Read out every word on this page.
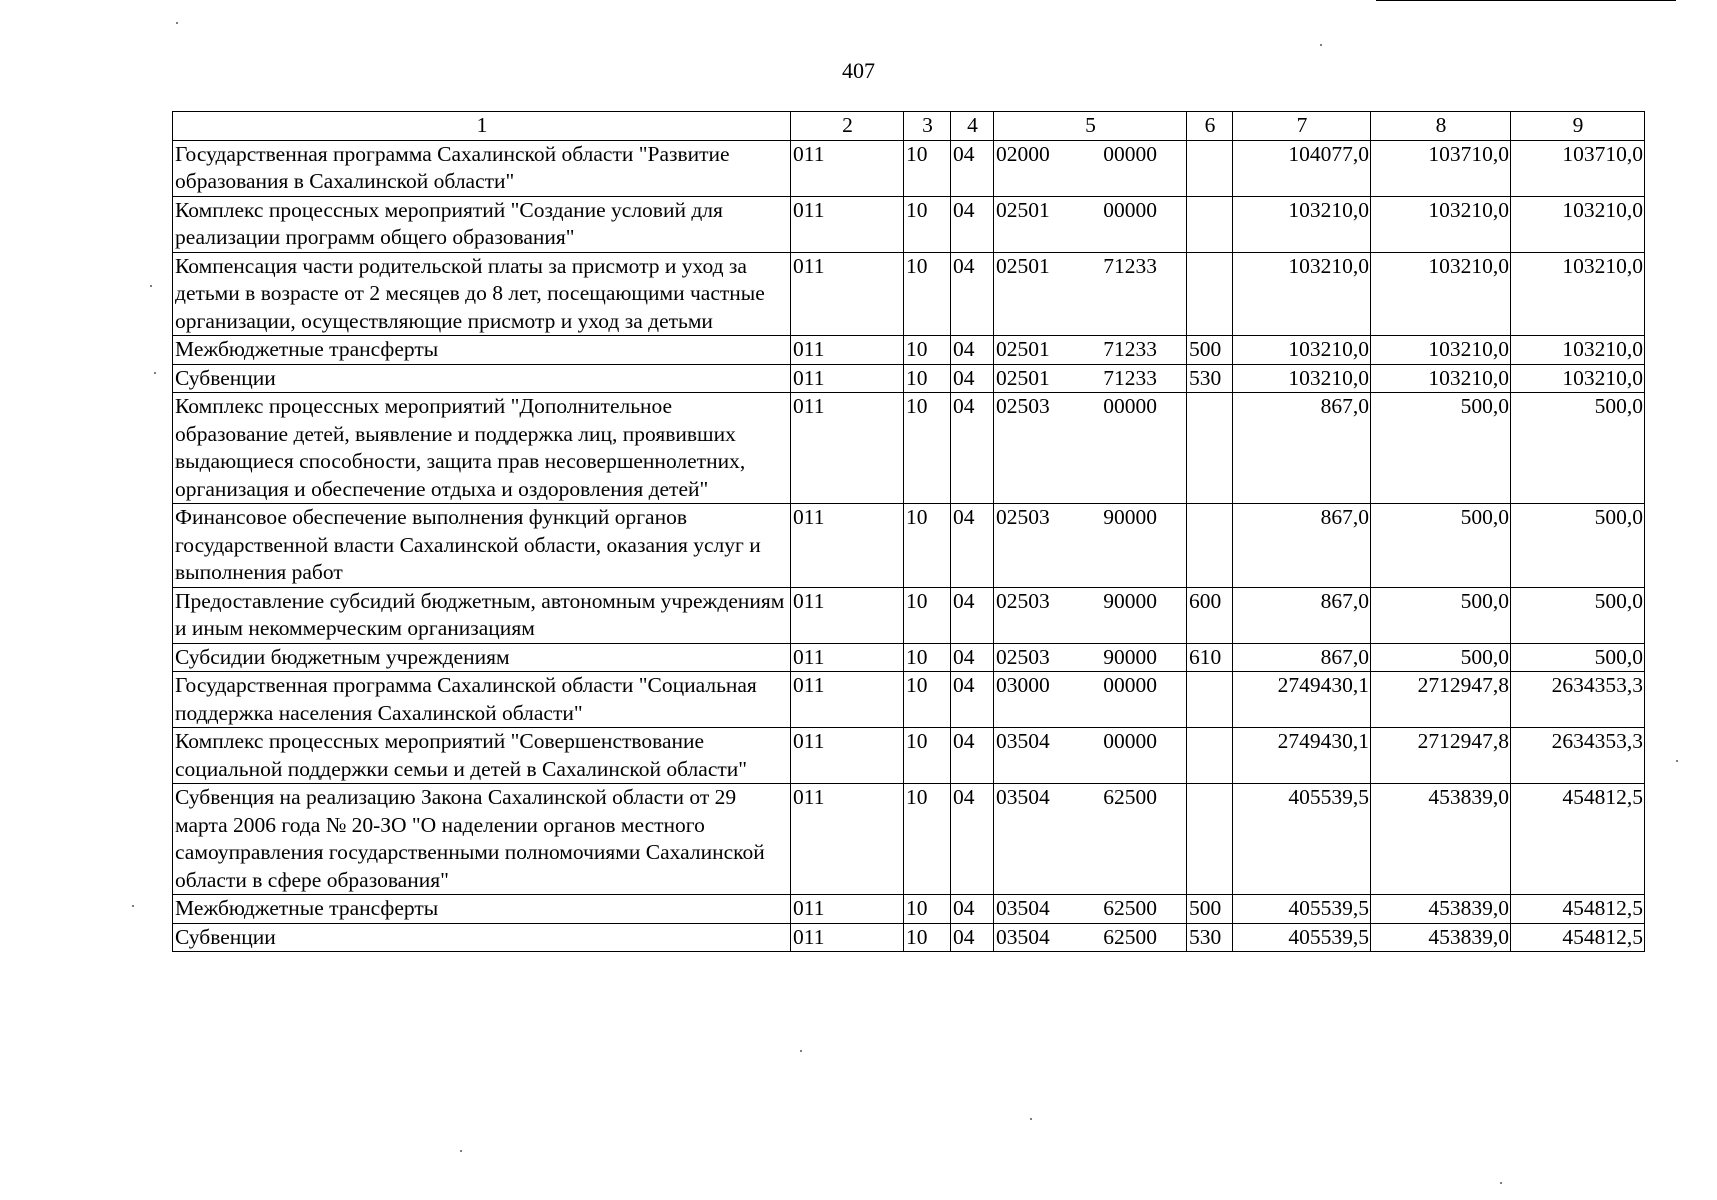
407
1	2	3	4	5	6	7	8	9
Государственная программа Сахалинской области "Развитие образования в Сахалинской области"	011	10	04	02000 00000		104077,0	103710,0	103710,0
Комплекс процессных мероприятий "Создание условий для реализации программ общего образования"	011	10	04	02501 00000		103210,0	103210,0	103210,0
Компенсация части родительской платы за присмотр и уход за детьми в возрасте от 2 месяцев до 8 лет, посещающими частные организации, осуществляющие присмотр и уход за детьми	011	10	04	02501 71233		103210,0	103210,0	103210,0
Межбюджетные трансферты	011	10	04	02501 71233	500	103210,0	103210,0	103210,0
Субвенции	011	10	04	02501 71233	530	103210,0	103210,0	103210,0
Комплекс процессных мероприятий "Дополнительное образование детей, выявление и поддержка лиц, проявивших выдающиеся способности, защита прав несовершеннолетних, организация и обеспечение отдыха и оздоровления детей"	011	10	04	02503 00000		867,0	500,0	500,0
Финансовое обеспечение выполнения функций органов государственной власти Сахалинской области, оказания услуг и выполнения работ	011	10	04	02503 90000		867,0	500,0	500,0
Предоставление субсидий бюджетным, автономным учреждениям и иным некоммерческим организациям	011	10	04	02503 90000	600	867,0	500,0	500,0
Субсидии бюджетным учреждениям	011	10	04	02503 90000	610	867,0	500,0	500,0
Государственная программа Сахалинской области "Социальная поддержка населения Сахалинской области"	011	10	04	03000 00000		2749430,1	2712947,8	2634353,3
Комплекс процессных мероприятий "Совершенствование социальной поддержки семьи и детей в Сахалинской области"	011	10	04	03504 00000		2749430,1	2712947,8	2634353,3
Субвенция на реализацию Закона Сахалинской области от 29 марта 2006 года № 20-ЗО "О наделении органов местного самоуправления государственными полномочиями Сахалинской области в сфере образования"	011	10	04	03504 62500		405539,5	453839,0	454812,5
Межбюджетные трансферты	011	10	04	03504 62500	500	405539,5	453839,0	454812,5
Субвенции	011	10	04	03504 62500	530	405539,5	453839,0	454812,5
